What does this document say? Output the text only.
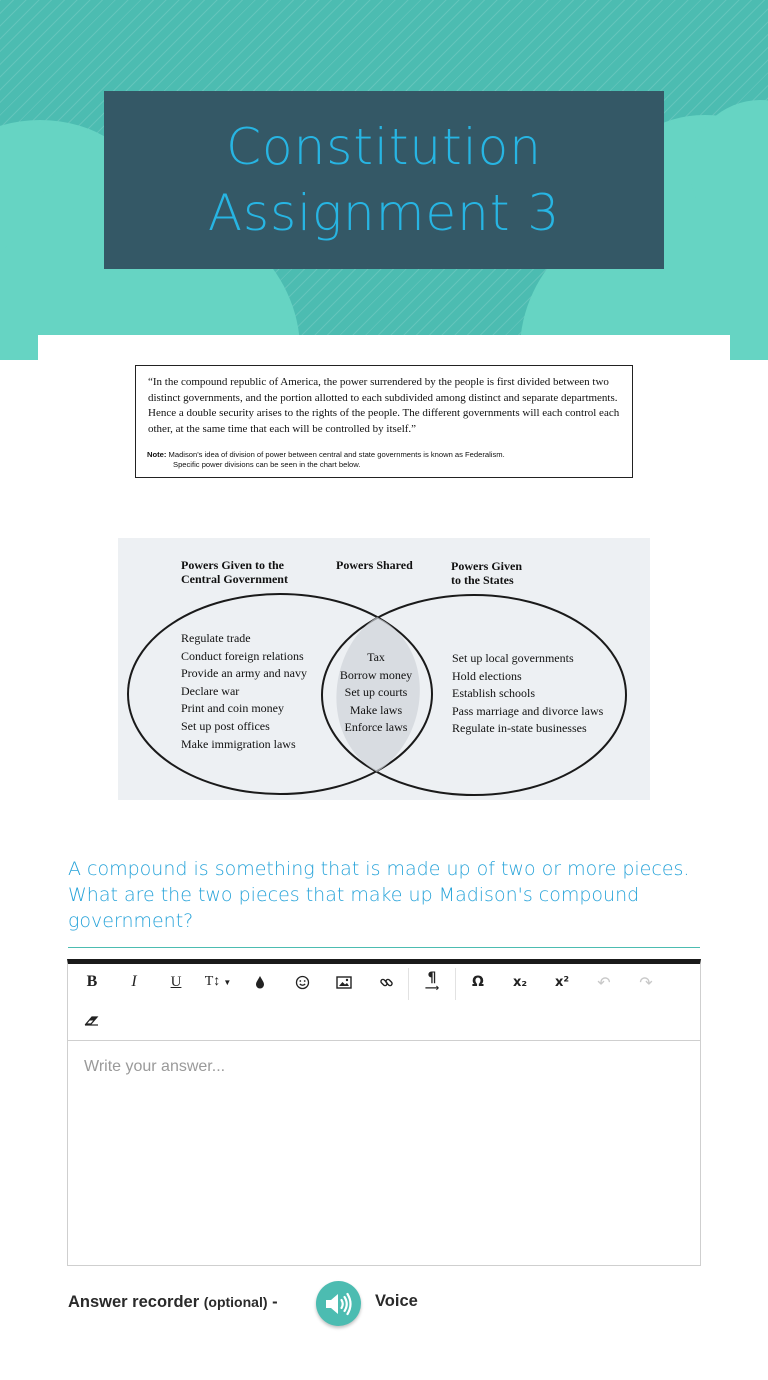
Constitution
Assignment 3
“In the compound republic of America, the power surrendered by the people is first divided between two distinct governments, and the portion allotted to each subdivided among distinct and separate departments. Hence a double security arises to the rights of the people. The different governments will each control each other, at the same time that each will be controlled by itself.”
Note: Madison's idea of division of power between central and state governments is known as Federalism.
Specific power divisions can be seen in the chart below.
Powers Given to the
Central Government
Powers Shared	Powers Given
to the States
Regulate trade
Conduct foreign relations
Provide an army and navy
Declare war
Print and coin money
Set up post offices
Make immigration laws
Tax
Borrow money
Set up courts
Make laws
Enforce laws
Set up local governments
Hold elections
Establish schools
Pass marriage and divorce laws
Regulate in-state businesses
A compound is something that is made up of two or more pieces. What are the two pieces that make up Madison's compound government?
B I U T↕ ▼	¶
⟶ Ω x₂ x² ↶ ↷
Write your answer...
Answer recorder (optional) -	Voice
